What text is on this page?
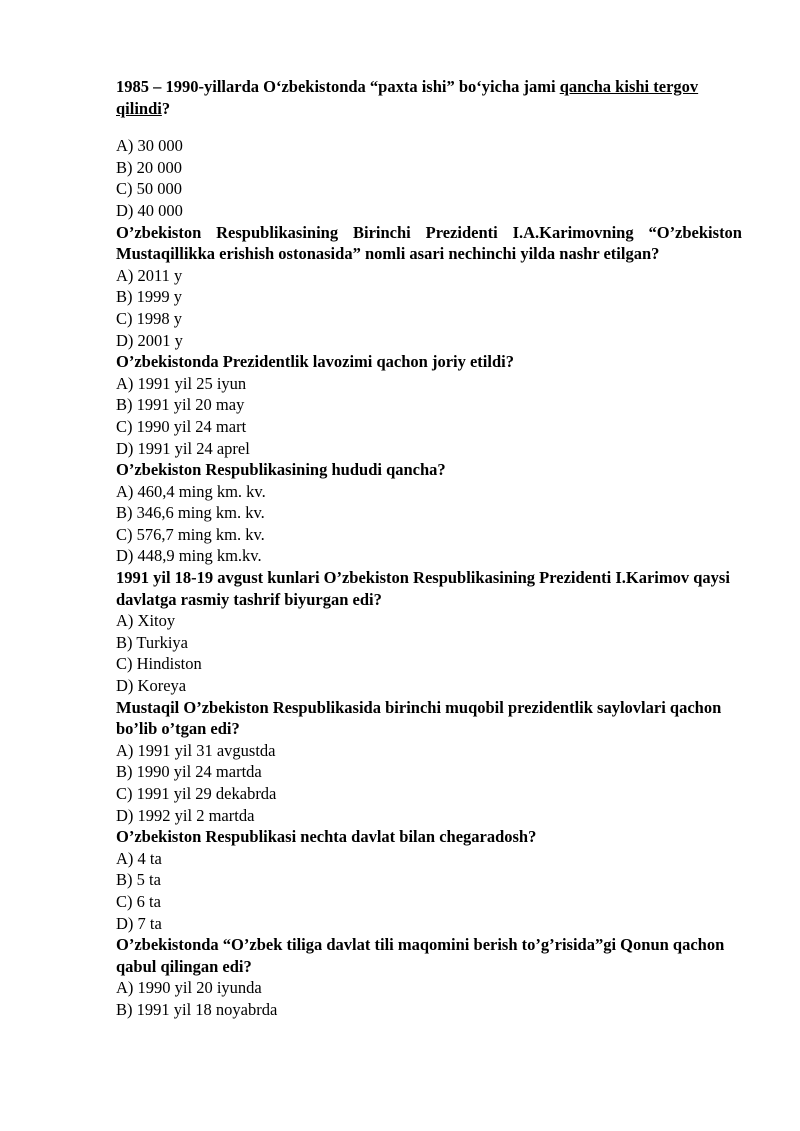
1985 – 1990-yillarda O‘zbekistonda “paxta ishi” bo‘yicha jami qancha kishi tergov qilindi?

A) 30 000

B) 20 000

C) 50 000

D) 40 000

O’zbekiston Respublikasining Birinchi Prezidenti I.A.Karimovning “O’zbekiston Mustaqillikka erishish ostonasida” nomli asari nechinchi yilda nashr etilgan?

A) 2011 y

B) 1999 y

C) 1998 y

D) 2001 y

O’zbekistonda Prezidentlik lavozimi qachon joriy etildi?

A) 1991 yil 25 iyun

B) 1991 yil 20 may

C) 1990 yil 24 mart

D) 1991 yil 24 aprel

O’zbekiston Respublikasining hududi qancha?

A) 460,4 ming km. kv.

B) 346,6 ming km. kv.

C) 576,7 ming km. kv.

D) 448,9 ming km.kv.

1991 yil 18-19 avgust kunlari O’zbekiston Respublikasining Prezidenti I.Karimov qaysi davlatga rasmiy tashrif biyurgan edi?

A) Xitoy

B) Turkiya

C) Hindiston

D) Koreya

Mustaqil O’zbekiston Respublikasida birinchi muqobil prezidentlik saylovlari qachon bo’lib o’tgan edi?

A) 1991 yil 31 avgustda

B) 1990 yil 24 martda

C) 1991 yil 29 dekabrda

D) 1992 yil 2 martda

O’zbekiston Respublikasi nechta davlat bilan chegaradosh?

A) 4 ta

B) 5 ta

C) 6 ta

D) 7 ta

O’zbekistonda “O’zbek tiliga davlat tili maqomini berish to’g’risida”gi Qonun qachon qabul qilingan edi?

A) 1990 yil 20 iyunda

B) 1991 yil 18 noyabrda
